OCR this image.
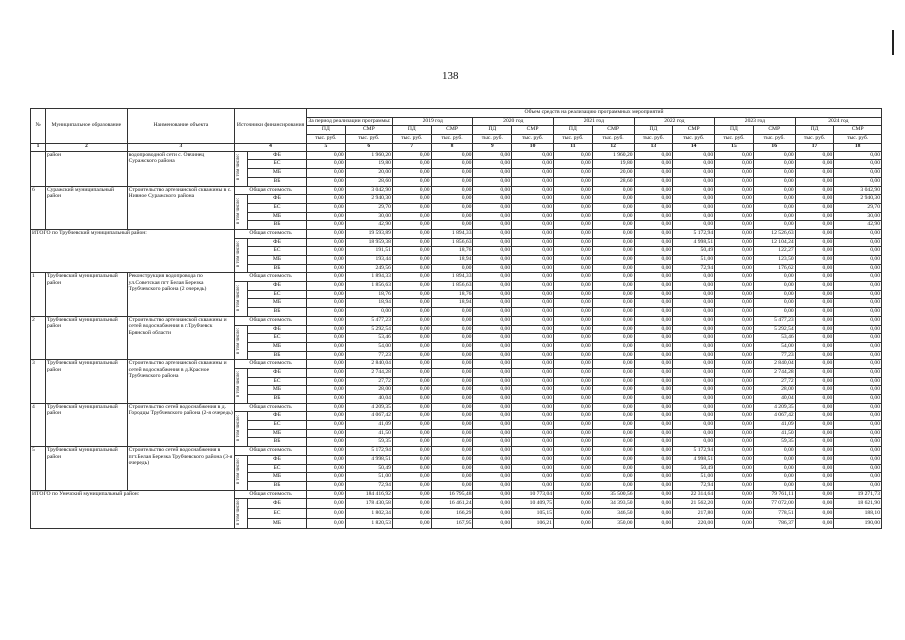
138
№	Муниципальное образование	Наименование объекта	Источники финансирования		Объем средств на реализацию программных мероприятий													
					За период реализации программы:		2019 год		2020 год		2021 год		2022 год		2023 год		2024 год	
					ПД	СМР	ПД	СМР	ПД	СМР	ПД	СМР	ПД	СМР	ПД	СМР	ПД	СМР
					тыс. руб.	тыс. руб.	тыс. руб.	тыс. руб.	тыс. руб.	тыс. руб.	тыс. руб.	тыс. руб.	тыс. руб.	тыс. руб.	тыс. руб.	тыс. руб.	тыс. руб.	тыс. руб.
1	2	3	4		5	6	7	8	9	10	11	12	13	14	15	16	17	18
	район	водопроводной сети с. Овчинец Суражского района	в том числе:	ФБ	0,00	1 960,20	0,00	0,00	0,00	0,00	0,00	1 960,20	0,00	0,00	0,00	0,00	0,00	0,00
				БС	0,00	19,80	0,00	0,00	0,00	0,00	0,00	19,80	0,00	0,00	0,00	0,00	0,00	0,00
				МБ	0,00	20,00	0,00	0,00	0,00	0,00	0,00	20,00	0,00	0,00	0,00	0,00	0,00	0,00
				ВБ	0,00	28,60	0,00	0,00	0,00	0,00	0,00	28,60	0,00	0,00	0,00	0,00	0,00	0,00
6	Суражский муниципальный район	Строительство артезианской скважины в с. Нивное Суражского района	Общая стоимость		0,00	3 042,90	0,00	0,00	0,00	0,00	0,00	0,00	0,00	0,00	0,00	0,00	0,00	3 042,90
			в том числе:	ФБ	0,00	2 940,30	0,00	0,00	0,00	0,00	0,00	0,00	0,00	0,00	0,00	0,00	0,00	2 940,30
				БС	0,00	29,70	0,00	0,00	0,00	0,00	0,00	0,00	0,00	0,00	0,00	0,00	0,00	29,70
				МБ	0,00	30,00	0,00	0,00	0,00	0,00	0,00	0,00	0,00	0,00	0,00	0,00	0,00	30,00
				ВБ	0,00	42,90	0,00	0,00	0,00	0,00	0,00	0,00	0,00	0,00	0,00	0,00	0,00	42,90
ИТОГО по Трубчевский муниципальный район:			Общая стоимость		0,00	19 593,89	0,00	1 894,33	0,00	0,00	0,00	0,00	0,00	5 172,94	0,00	12 526,63	0,00	0,00
			в том числе:	ФБ	0,00	18 959,38	0,00	1 856,63	0,00	0,00	0,00	0,00	0,00	4 998,51	0,00	12 104,24	0,00	0,00
				БС	0,00	191,51	0,00	18,76	0,00	0,00	0,00	0,00	0,00	50,49	0,00	122,27	0,00	0,00
				МБ	0,00	193,44	0,00	18,94	0,00	0,00	0,00	0,00	0,00	51,00	0,00	123,50	0,00	0,00
				ВБ	0,00	249,56	0,00	0,00	0,00	0,00	0,00	0,00	0,00	72,94	0,00	176,62	0,00	0,00
1	Трубчевский муниципальный район	Реконструкция водопровода по ул.Советская пгт Белая Березка Трубчевского района (2 очередь)	Общая стоимость		0,00	1 894,33	0,00	1 894,33	0,00	0,00	0,00	0,00	0,00	0,00	0,00	0,00	0,00	0,00
			в том числе:	ФБ	0,00	1 856,63	0,00	1 856,63	0,00	0,00	0,00	0,00	0,00	0,00	0,00	0,00	0,00	0,00
				БС	0,00	18,76	0,00	18,76	0,00	0,00	0,00	0,00	0,00	0,00	0,00	0,00	0,00	0,00
				МБ	0,00	18,94	0,00	18,94	0,00	0,00	0,00	0,00	0,00	0,00	0,00	0,00	0,00	0,00
				ВБ	0,00	0,00	0,00	0,00	0,00	0,00	0,00	0,00	0,00	0,00	0,00	0,00	0,00	0,00
2	Трубчевский муниципальный район	Строительство артезианской скважины и сетей водоснабжения в г.Трубчевск Брянской области	Общая стоимость		0,00	5 477,23	0,00	0,00	0,00	0,00	0,00	0,00	0,00	0,00	0,00	5 477,23	0,00	0,00
			в том числе:	ФБ	0,00	5 292,54	0,00	0,00	0,00	0,00	0,00	0,00	0,00	0,00	0,00	5 292,54	0,00	0,00
				БС	0,00	53,46	0,00	0,00	0,00	0,00	0,00	0,00	0,00	0,00	0,00	53,46	0,00	0,00
				МБ	0,00	54,00	0,00	0,00	0,00	0,00	0,00	0,00	0,00	0,00	0,00	54,00	0,00	0,00
				ВБ	0,00	77,23	0,00	0,00	0,00	0,00	0,00	0,00	0,00	0,00	0,00	77,23	0,00	0,00
3	Трубчевский муниципальный район	Строительство артезианской скважины и сетей водоснабжения в д.Красное Трубчевского района	Общая стоимость		0,00	2 840,04	0,00	0,00	0,00	0,00	0,00	0,00	0,00	0,00	0,00	2 840,04	0,00	0,00
			в том числе:	ФБ	0,00	2 744,28	0,00	0,00	0,00	0,00	0,00	0,00	0,00	0,00	0,00	2 744,28	0,00	0,00
				БС	0,00	27,72	0,00	0,00	0,00	0,00	0,00	0,00	0,00	0,00	0,00	27,72	0,00	0,00
				МБ	0,00	28,00	0,00	0,00	0,00	0,00	0,00	0,00	0,00	0,00	0,00	28,00	0,00	0,00
				ВБ	0,00	40,04	0,00	0,00	0,00	0,00	0,00	0,00	0,00	0,00	0,00	40,04	0,00	0,00
4	Трубчевский муниципальный район	Строительство сетей водоснабжения в д. Городцы Трубчевского района (2-я очередь)	Общая стоимость		0,00	4 209,35	0,00	0,00	0,00	0,00	0,00	0,00	0,00	0,00	0,00	4 209,35	0,00	0,00
			в том числе:	ФБ	0,00	4 067,42	0,00	0,00	0,00	0,00	0,00	0,00	0,00	0,00	0,00	4 067,42	0,00	0,00
				БС	0,00	41,09	0,00	0,00	0,00	0,00	0,00	0,00	0,00	0,00	0,00	41,09	0,00	0,00
				МБ	0,00	41,50	0,00	0,00	0,00	0,00	0,00	0,00	0,00	0,00	0,00	41,50	0,00	0,00
				ВБ	0,00	59,35	0,00	0,00	0,00	0,00	0,00	0,00	0,00	0,00	0,00	59,35	0,00	0,00
5	Трубчевский муниципальный район	Строительство сетей водоснабжения в пгт.Белая Березка Трубчевского района (3-я очередь)	Общая стоимость		0,00	5 172,94	0,00	0,00	0,00	0,00	0,00	0,00	0,00	5 172,94	0,00	0,00	0,00	0,00
			в том числе:	ФБ	0,00	4 998,51	0,00	0,00	0,00	0,00	0,00	0,00	0,00	4 998,51	0,00	0,00	0,00	0,00
				БС	0,00	50,49	0,00	0,00	0,00	0,00	0,00	0,00	0,00	50,49	0,00	0,00	0,00	0,00
				МБ	0,00	51,00	0,00	0,00	0,00	0,00	0,00	0,00	0,00	51,00	0,00	0,00	0,00	0,00
				ВБ	0,00	72,94	0,00	0,00	0,00	0,00	0,00	0,00	0,00	72,94	0,00	0,00	0,00	0,00
ИТОГО по Унечский муниципальный район:			Общая стоимость		0,00	184 416,92	0,00	16 795,48	0,00	10 773,04	0,00	35 500,56	0,00	22 314,64	0,00	79 761,11	0,00	19 271,73
			в том числе:	ФБ	0,00	178 430,58	0,00	16 461,24	0,00	10 409,75	0,00	34 393,50	0,00	21 562,20	0,00	77 072,00	0,00	18 621,90
				БС	0,00	1 802,34	0,00	166,29	0,00	105,15	0,00	346,50	0,00	217,80	0,00	778,51	0,00	188,10
				МБ	0,00	1 820,53	0,00	167,95	0,00	106,21	0,00	350,00	0,00	220,00	0,00	786,37	0,00	190,00
